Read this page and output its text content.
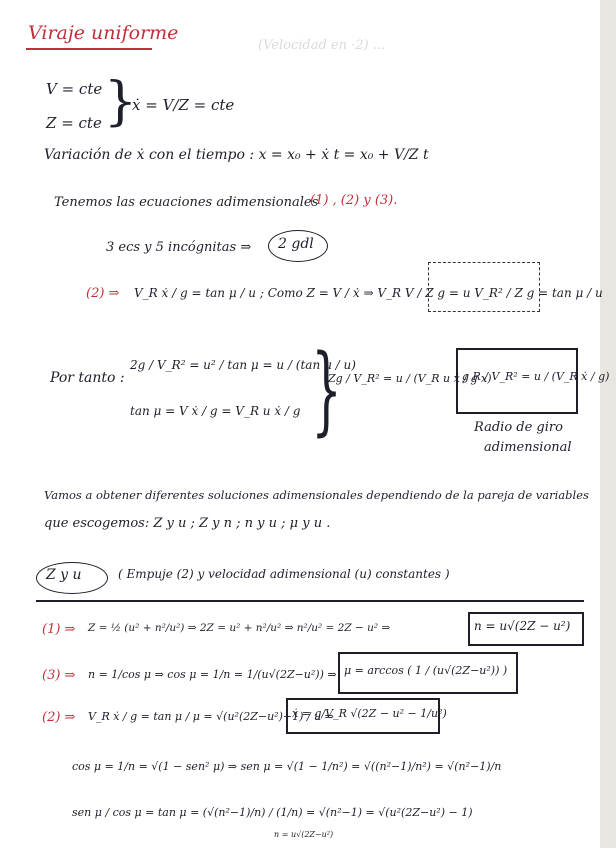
Viraje uniforme
(Velocidad en ·2) ...
V = cte
Z = cte }
ẋ = V/Z = cte
Variación de ẋ con el tiempo : x = x₀ + ẋ t = x₀ + V/Z t
Tenemos las ecuaciones adimensionales
(1) , (2) y (3).
3 ecs y 5 incógnitas ⇒ 2 gdl
(2) ⇒ V_R ẋ / g = tan μ / u ; Como Z = V / ẋ ⇒ V_R V / Z g = u V_R² / Z g = tan μ / u
Por tanto :
2g / V_R² = u² / tan μ = u / (tan μ / u)
tan μ = V ẋ / g = V_R u ẋ / g }
Zg / V_R² = u / (V_R u ẋ / g x)
g R / V_R² = u / (V_R ẋ / g)
Radio de giro
adimensional
Vamos a obtener diferentes soluciones adimensionales dependiendo de la pareja de variables
que escogemos: Z y u ; Z y n ; n y u ; μ y u .
Z y u	( Empuje (2) y velocidad adimensional (u) constantes )
(1) ⇒ Z = ½ (u² + n²/u²) ⇒ 2Z = u² + n²/u² ⇒ n²/u² = 2Z − u² ⇒	n = u√(2Z − u²)
(3) ⇒ n = 1/cos μ ⇒ cos μ = 1/n = 1/(u√(2Z−u²)) ⇒ μ = arccos ( 1 / (u√(2Z−u²)) )
(2) ⇒ V_R ẋ / g = tan μ / μ = √(u²(2Z−u²)−1) / u ⇒
ẋ = g/V_R √(2Z − u² − 1/u²)
cos μ = 1/n = √(1 − sen² μ) ⇒ sen μ = √(1 − 1/n²) = √((n²−1)/n²) = √(n²−1)/n
sen μ / cos μ = tan μ = (√(n²−1)/n) / (1/n) = √(n²−1) = √(u²(2Z−u²) − 1)
n = u√(2Z−u²)
